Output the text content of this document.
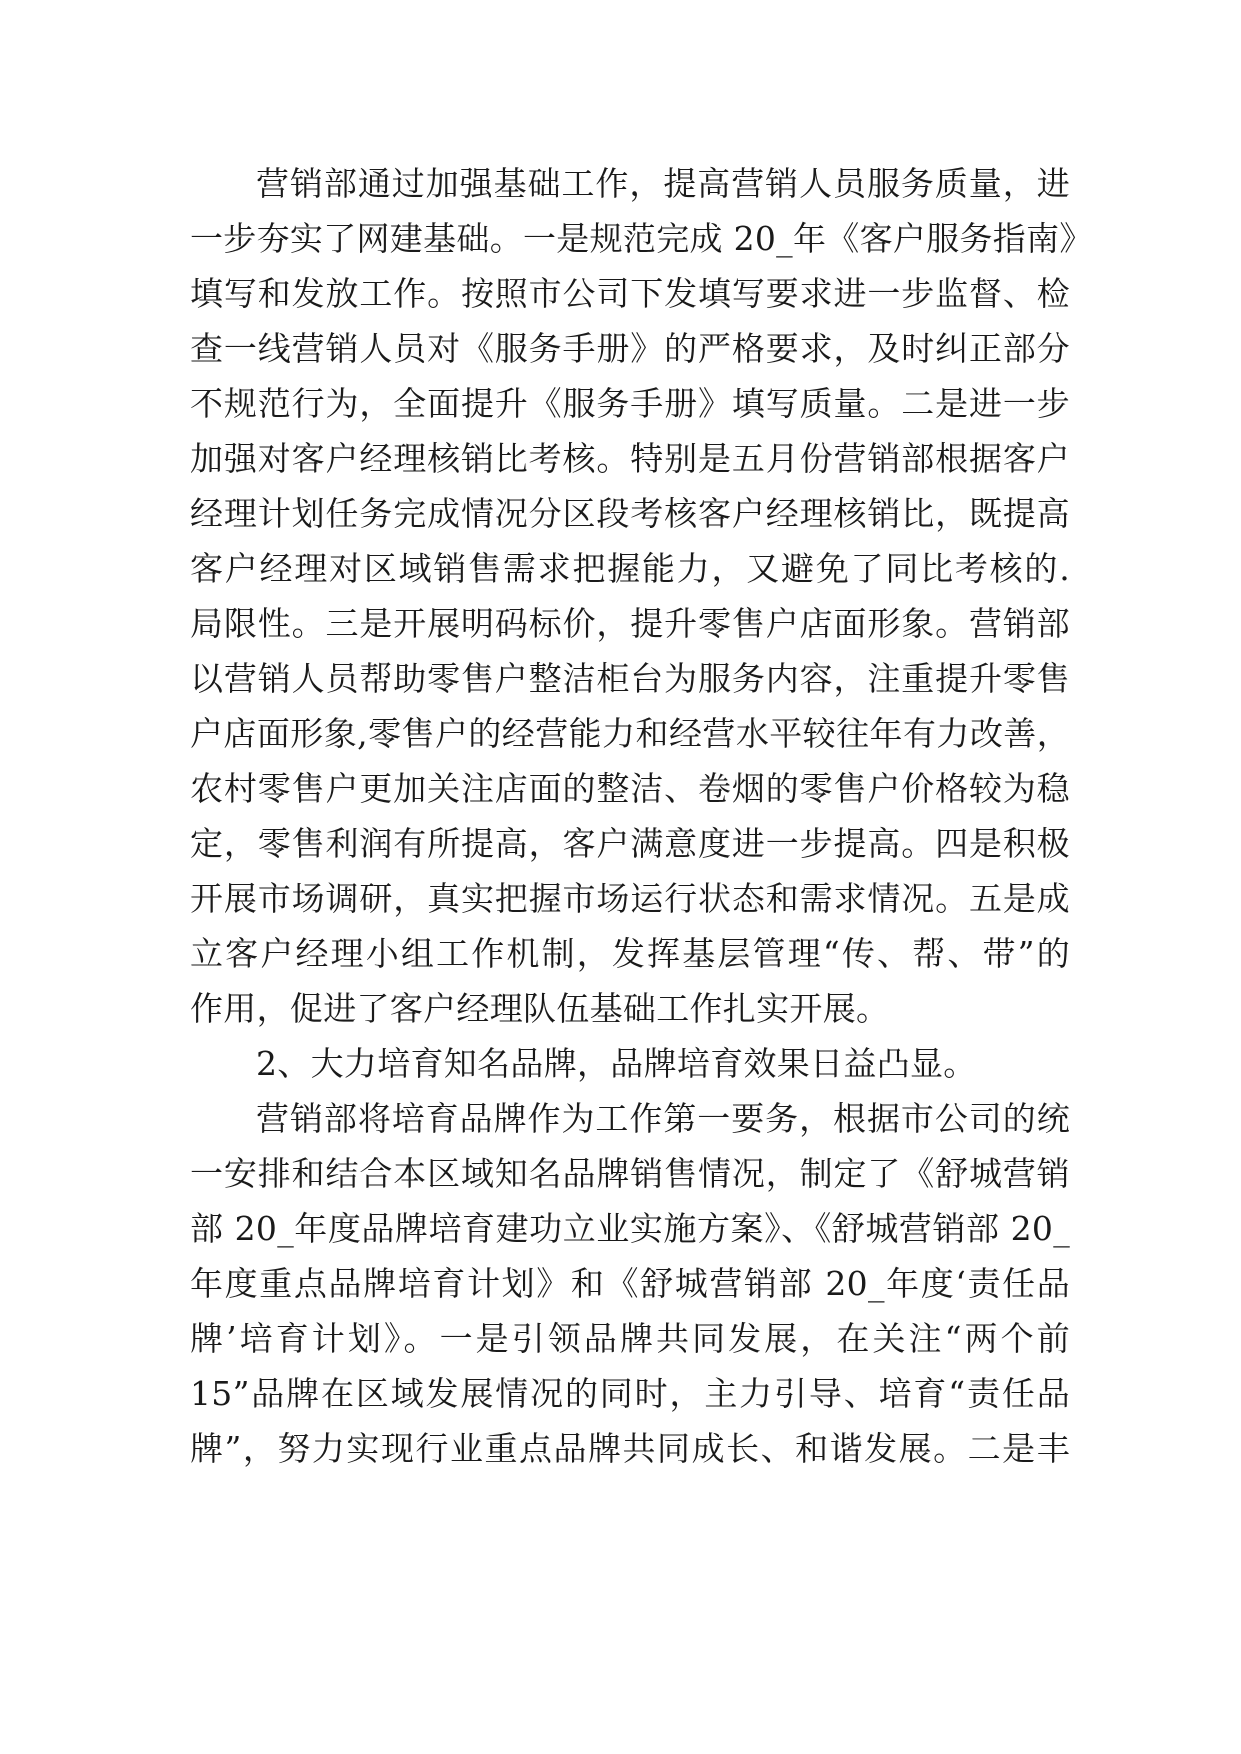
营销部通过加强基础工作，提高营销人员服务质量，进
一步夯实了网建基础。一是规范完成 20_年《客户服务指南》
填写和发放工作。按照市公司下发填写要求进一步监督、检
查一线营销人员对《服务手册》的严格要求，及时纠正部分
不规范行为，全面提升《服务手册》填写质量。二是进一步
加强对客户经理核销比考核。特别是五月份营销部根据客户
经理计划任务完成情况分区段考核客户经理核销比，既提高
客户经理对区域销售需求把握能力，又避免了同比考核的.
局限性。三是开展明码标价，提升零售户店面形象。营销部
以营销人员帮助零售户整洁柜台为服务内容，注重提升零售
户店面形象,零售户的经营能力和经营水平较往年有力改善，
农村零售户更加关注店面的整洁、卷烟的零售户价格较为稳
定，零售利润有所提高，客户满意度进一步提高。四是积极
开展市场调研，真实把握市场运行状态和需求情况。五是成
立客户经理小组工作机制，发挥基层管理“传、帮、带”的
作用，促进了客户经理队伍基础工作扎实开展。
2、大力培育知名品牌，品牌培育效果日益凸显。
营销部将培育品牌作为工作第一要务，根据市公司的统
一安排和结合本区域知名品牌销售情况，制定了《舒城营销
部 20_年度品牌培育建功立业实施方案》、《舒城营销部 20_
年度重点品牌培育计划》和《舒城营销部 20_年度‘责任品
牌’培育计划》。一是引领品牌共同发展，在关注“两个前
15”品牌在区域发展情况的同时，主力引导、培育“责任品
牌”，努力实现行业重点品牌共同成长、和谐发展。二是丰
